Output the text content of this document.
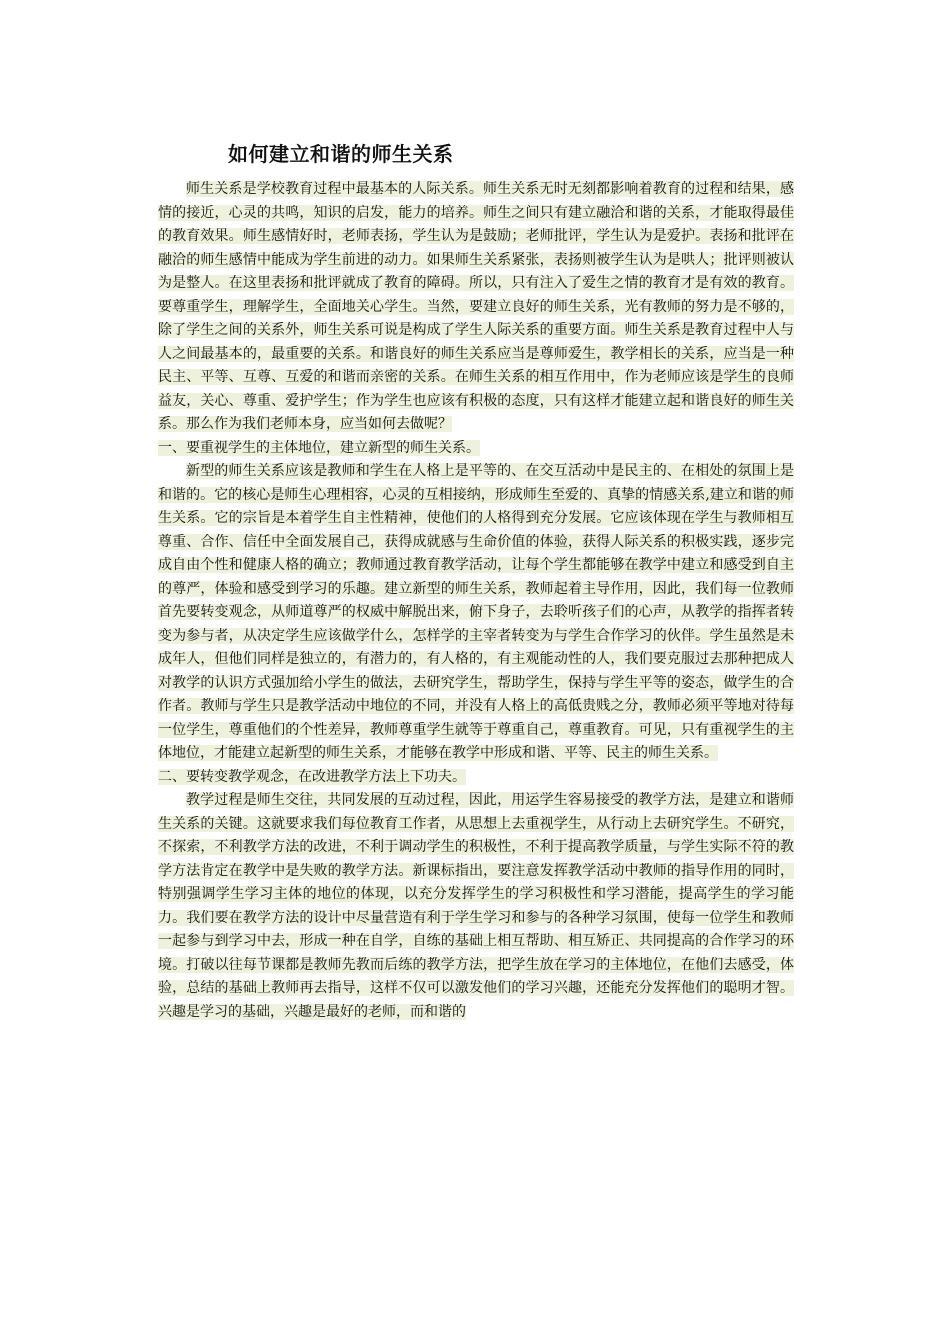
如何建立和谐的师生关系

师生关系是学校教育过程中最基本的人际关系。师生关系无时无刻都影响着教育的过程和结果，感情的接近，心灵的共鸣，知识的启发，能力的培养。师生之间只有建立融洽和谐的关系，才能取得最佳的教育效果。师生感情好时，老师表扬，学生认为是鼓励；老师批评，学生认为是爱护。表扬和批评在融洽的师生感情中能成为学生前进的动力。如果师生关系紧张，表扬则被学生认为是哄人；批评则被认为是整人。在这里表扬和批评就成了教育的障碍。所以，只有注入了爱生之情的教育才是有效的教育。要尊重学生，理解学生，全面地关心学生。当然，要建立良好的师生关系，光有教师的努力是不够的，除了学生之间的关系外，师生关系可说是构成了学生人际关系的重要方面。师生关系是教育过程中人与人之间最基本的，最重要的关系。和谐良好的师生关系应当是尊师爱生，教学相长的关系，应当是一种民主、平等、互尊、互爱的和谐而亲密的关系。在师生关系的相互作用中，作为老师应该是学生的良师益友，关心、尊重、爱护学生；作为学生也应该有积极的态度，只有这样才能建立起和谐良好的师生关系。那么作为我们老师本身，应当如何去做呢？

一、要重视学生的主体地位，建立新型的师生关系。

新型的师生关系应该是教师和学生在人格上是平等的、在交互活动中是民主的、在相处的氛围上是和谐的。它的核心是师生心理相容，心灵的互相接纳，形成师生至爱的、真挚的情感关系,建立和谐的师生关系。它的宗旨是本着学生自主性精神，使他们的人格得到充分发展。它应该体现在学生与教师相互尊重、合作、信任中全面发展自己，获得成就感与生命价值的体验，获得人际关系的积极实践，逐步完成自由个性和健康人格的确立；教师通过教育教学活动，让每个学生都能够在教学中建立和感受到自主的尊严，体验和感受到学习的乐趣。建立新型的师生关系，教师起着主导作用，因此，我们每一位教师首先要转变观念，从师道尊严的权威中解脱出来，俯下身子，去聆听孩子们的心声，从教学的指挥者转变为参与者，从决定学生应该做学什么，怎样学的主宰者转变为与学生合作学习的伙伴。学生虽然是未成年人，但他们同样是独立的，有潜力的，有人格的，有主观能动性的人，我们要克服过去那种把成人对教学的认识方式强加给小学生的做法，去研究学生，帮助学生，保持与学生平等的姿态，做学生的合作者。教师与学生只是教学活动中地位的不同，并没有人格上的高低贵贱之分，教师必须平等地对待每一位学生，尊重他们的个性差异，教师尊重学生就等于尊重自己，尊重教育。可见，只有重视学生的主体地位，才能建立起新型的师生关系，才能够在教学中形成和谐、平等、民主的师生关系。

二、要转变教学观念，在改进教学方法上下功夫。

教学过程是师生交往，共同发展的互动过程，因此，用运学生容易接受的教学方法，是建立和谐师生关系的关键。这就要求我们每位教育工作者，从思想上去重视学生，从行动上去研究学生。不研究，不探索，不利教学方法的改进，不利于调动学生的积极性，不利于提高教学质量，与学生实际不符的教学方法肯定在教学中是失败的教学方法。新课标指出，要注意发挥教学活动中教师的指导作用的同时，特别强调学生学习主体的地位的体现，以充分发挥学生的学习积极性和学习潜能，提高学生的学习能力。我们要在教学方法的设计中尽量营造有利于学生学习和参与的各种学习氛围，使每一位学生和教师一起参与到学习中去，形成一种在自学，自练的基础上相互帮助、相互矫正、共同提高的合作学习的环境。打破以往每节课都是教师先教而后练的教学方法，把学生放在学习的主体地位，在他们去感受，体验，总结的基础上教师再去指导，这样不仅可以激发他们的学习兴趣，还能充分发挥他们的聪明才智。兴趣是学习的基础，兴趣是最好的老师，而和谐的
